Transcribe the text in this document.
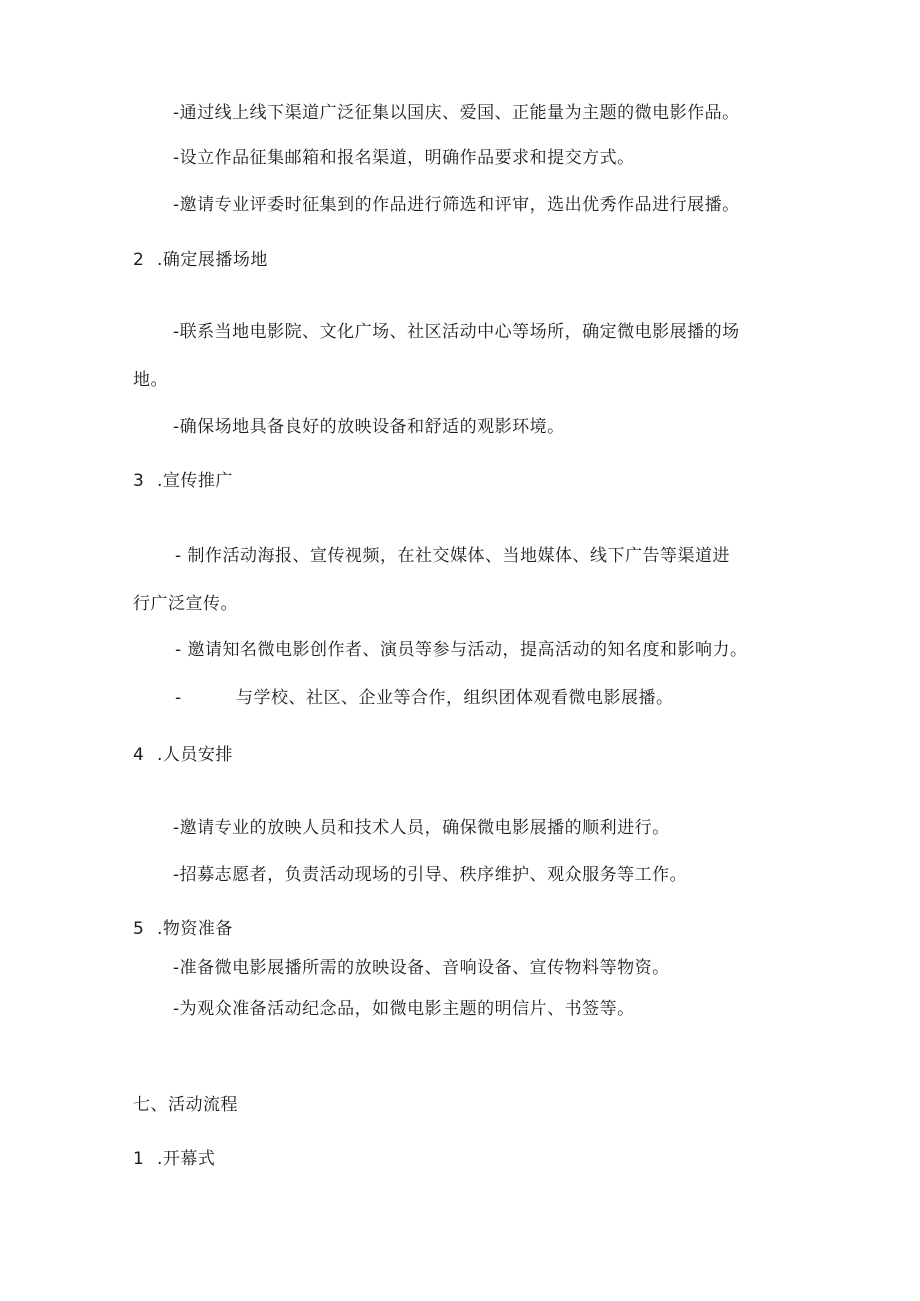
-通过线上线下渠道广泛征集以国庆、爱国、正能量为主题的微电影作品。
-设立作品征集邮箱和报名渠道，明确作品要求和提交方式。
-邀请专业评委时征集到的作品进行筛选和评审，选出优秀作品进行展播。
2 .确定展播场地
-联系当地电影院、文化广场、社区活动中心等场所，确定微电影展播的场
地。
-确保场地具备良好的放映设备和舒适的观影环境。
3 .宣传推广
- 制作活动海报、宣传视频，在社交媒体、当地媒体、线下广告等渠道进
行广泛宣传。
- 邀请知名微电影创作者、演员等参与活动，提高活动的知名度和影响力。
-	与学校、社区、企业等合作，组织团体观看微电影展播。
4 .人员安排
-邀请专业的放映人员和技术人员，确保微电影展播的顺利进行。
-招募志愿者，负责活动现场的引导、秩序维护、观众服务等工作。
5 .物资准备
-准备微电影展播所需的放映设备、音响设备、宣传物料等物资。
-为观众准备活动纪念品，如微电影主题的明信片、书签等。
七、活动流程
1 .开幕式
